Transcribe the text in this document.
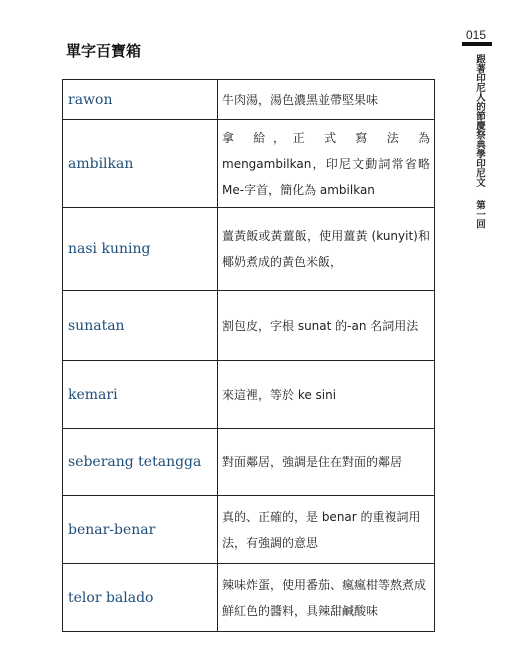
015
跟著印尼人的節慶祭典學印尼文
第一回
單字百寶箱
rawon	牛肉湯，湯色濃黑並帶堅果味
ambilkan	拿 給，正 式 寫 法 為 mengambilkan，印尼文動詞常省略 Me-字首，簡化為 ambilkan
nasi kuning	薑黃飯或黃薑飯，使用薑黃 (kunyit)和椰奶煮成的黃色米飯，
sunatan	割包皮，字根 sunat 的-an 名詞用法
kemari	來這裡，等於 ke sini
seberang tetangga	對面鄰居，強調是住在對面的鄰居
benar-benar	真的、正確的，是 benar 的重複詞用法，有強調的意思
telor balado	辣味炸蛋，使用番茄、瘋瘋柑等熬煮成鮮紅色的醬料，具辣甜鹹酸味
